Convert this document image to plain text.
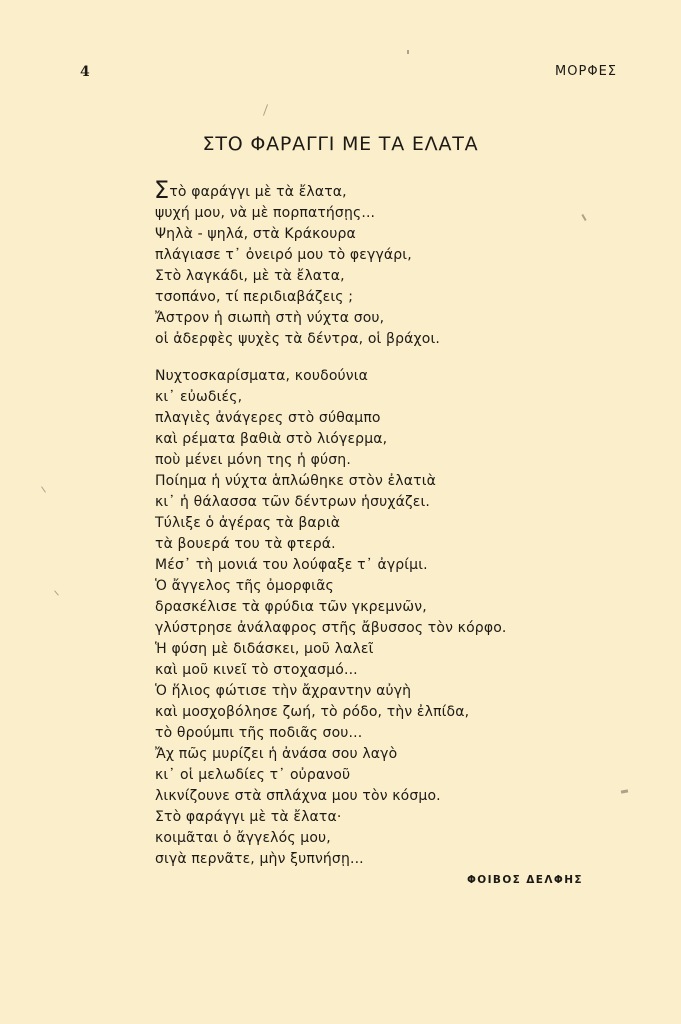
4	ΜΟΡΦΕΣ
ΣΤΟ ΦΑΡΑΓΓΙ ΜΕ ΤΑ ΕΛΑΤΑ
Στὸ φαράγγι μὲ τὰ ἔλατα,
ψυχή μου, νὰ μὲ πορπατήσῃς...
Ψηλὰ - ψηλά, στὰ Κράκουρα
πλάγιασε τ᾽ ὀνειρό μου τὸ φεγγάρι,
Στὸ λαγκάδι, μὲ τὰ ἔλατα,
τσοπάνο, τί περιδιαβάζεις ;
Ἄστρον ἡ σιωπὴ στὴ νύχτα σου,
οἱ ἀδερφὲς ψυχὲς τὰ δέντρα, οἱ βράχοι.
Νυχτοσκαρίσματα, κουδούνια
κι᾽ εὐωδιές,
πλαγιὲς ἀνάγερες στὸ σύθαμπο
καὶ ρέματα βαθιὰ στὸ λιόγερμα,
ποὺ μένει μόνη της ἡ φύση.
Ποίημα ἡ νύχτα ἁπλώθηκε στὸν ἐλατιὰ
κι᾽ ἡ θάλασσα τῶν δέντρων ἡσυχάζει.
Τύλιξε ὁ ἀγέρας τὰ βαριὰ
τὰ βουερά του τὰ φτερά.
Μέσ᾽ τὴ μονιά του λούφαξε τ᾽ ἀγρίμι.
Ὁ ἄγγελος τῆς ὀμορφιᾶς
δρασκέλισε τὰ φρύδια τῶν γκρεμνῶν,
γλύστρησε ἀνάλαφρος στῆς ἄβυσσος τὸν κόρφο.
Ἡ φύση μὲ διδάσκει, μοῦ λαλεῖ
καὶ μοῦ κινεῖ τὸ στοχασμό...
Ὁ ἥλιος φώτισε τὴν ἄχραντην αὐγὴ
καὶ μοσχοβόλησε ζωή, τὸ ρόδο, τὴν ἐλπίδα,
τὸ θρούμπι τῆς ποδιᾶς σου...
Ἄχ πῶς μυρίζει ἡ ἀνάσα σου λαγὸ
κι᾽ οἱ μελωδίες τ᾽ οὐρανοῦ
λικνίζουνε στὰ σπλάχνα μου τὸν κόσμο.
Στὸ φαράγγι μὲ τὰ ἔλατα·
κοιμᾶται ὁ ἄγγελός μου,
σιγὰ περνᾶτε, μὴν ξυπνήσῃ...
ΦΟΙΒΟΣ ΔΕΛΦΗΣ
